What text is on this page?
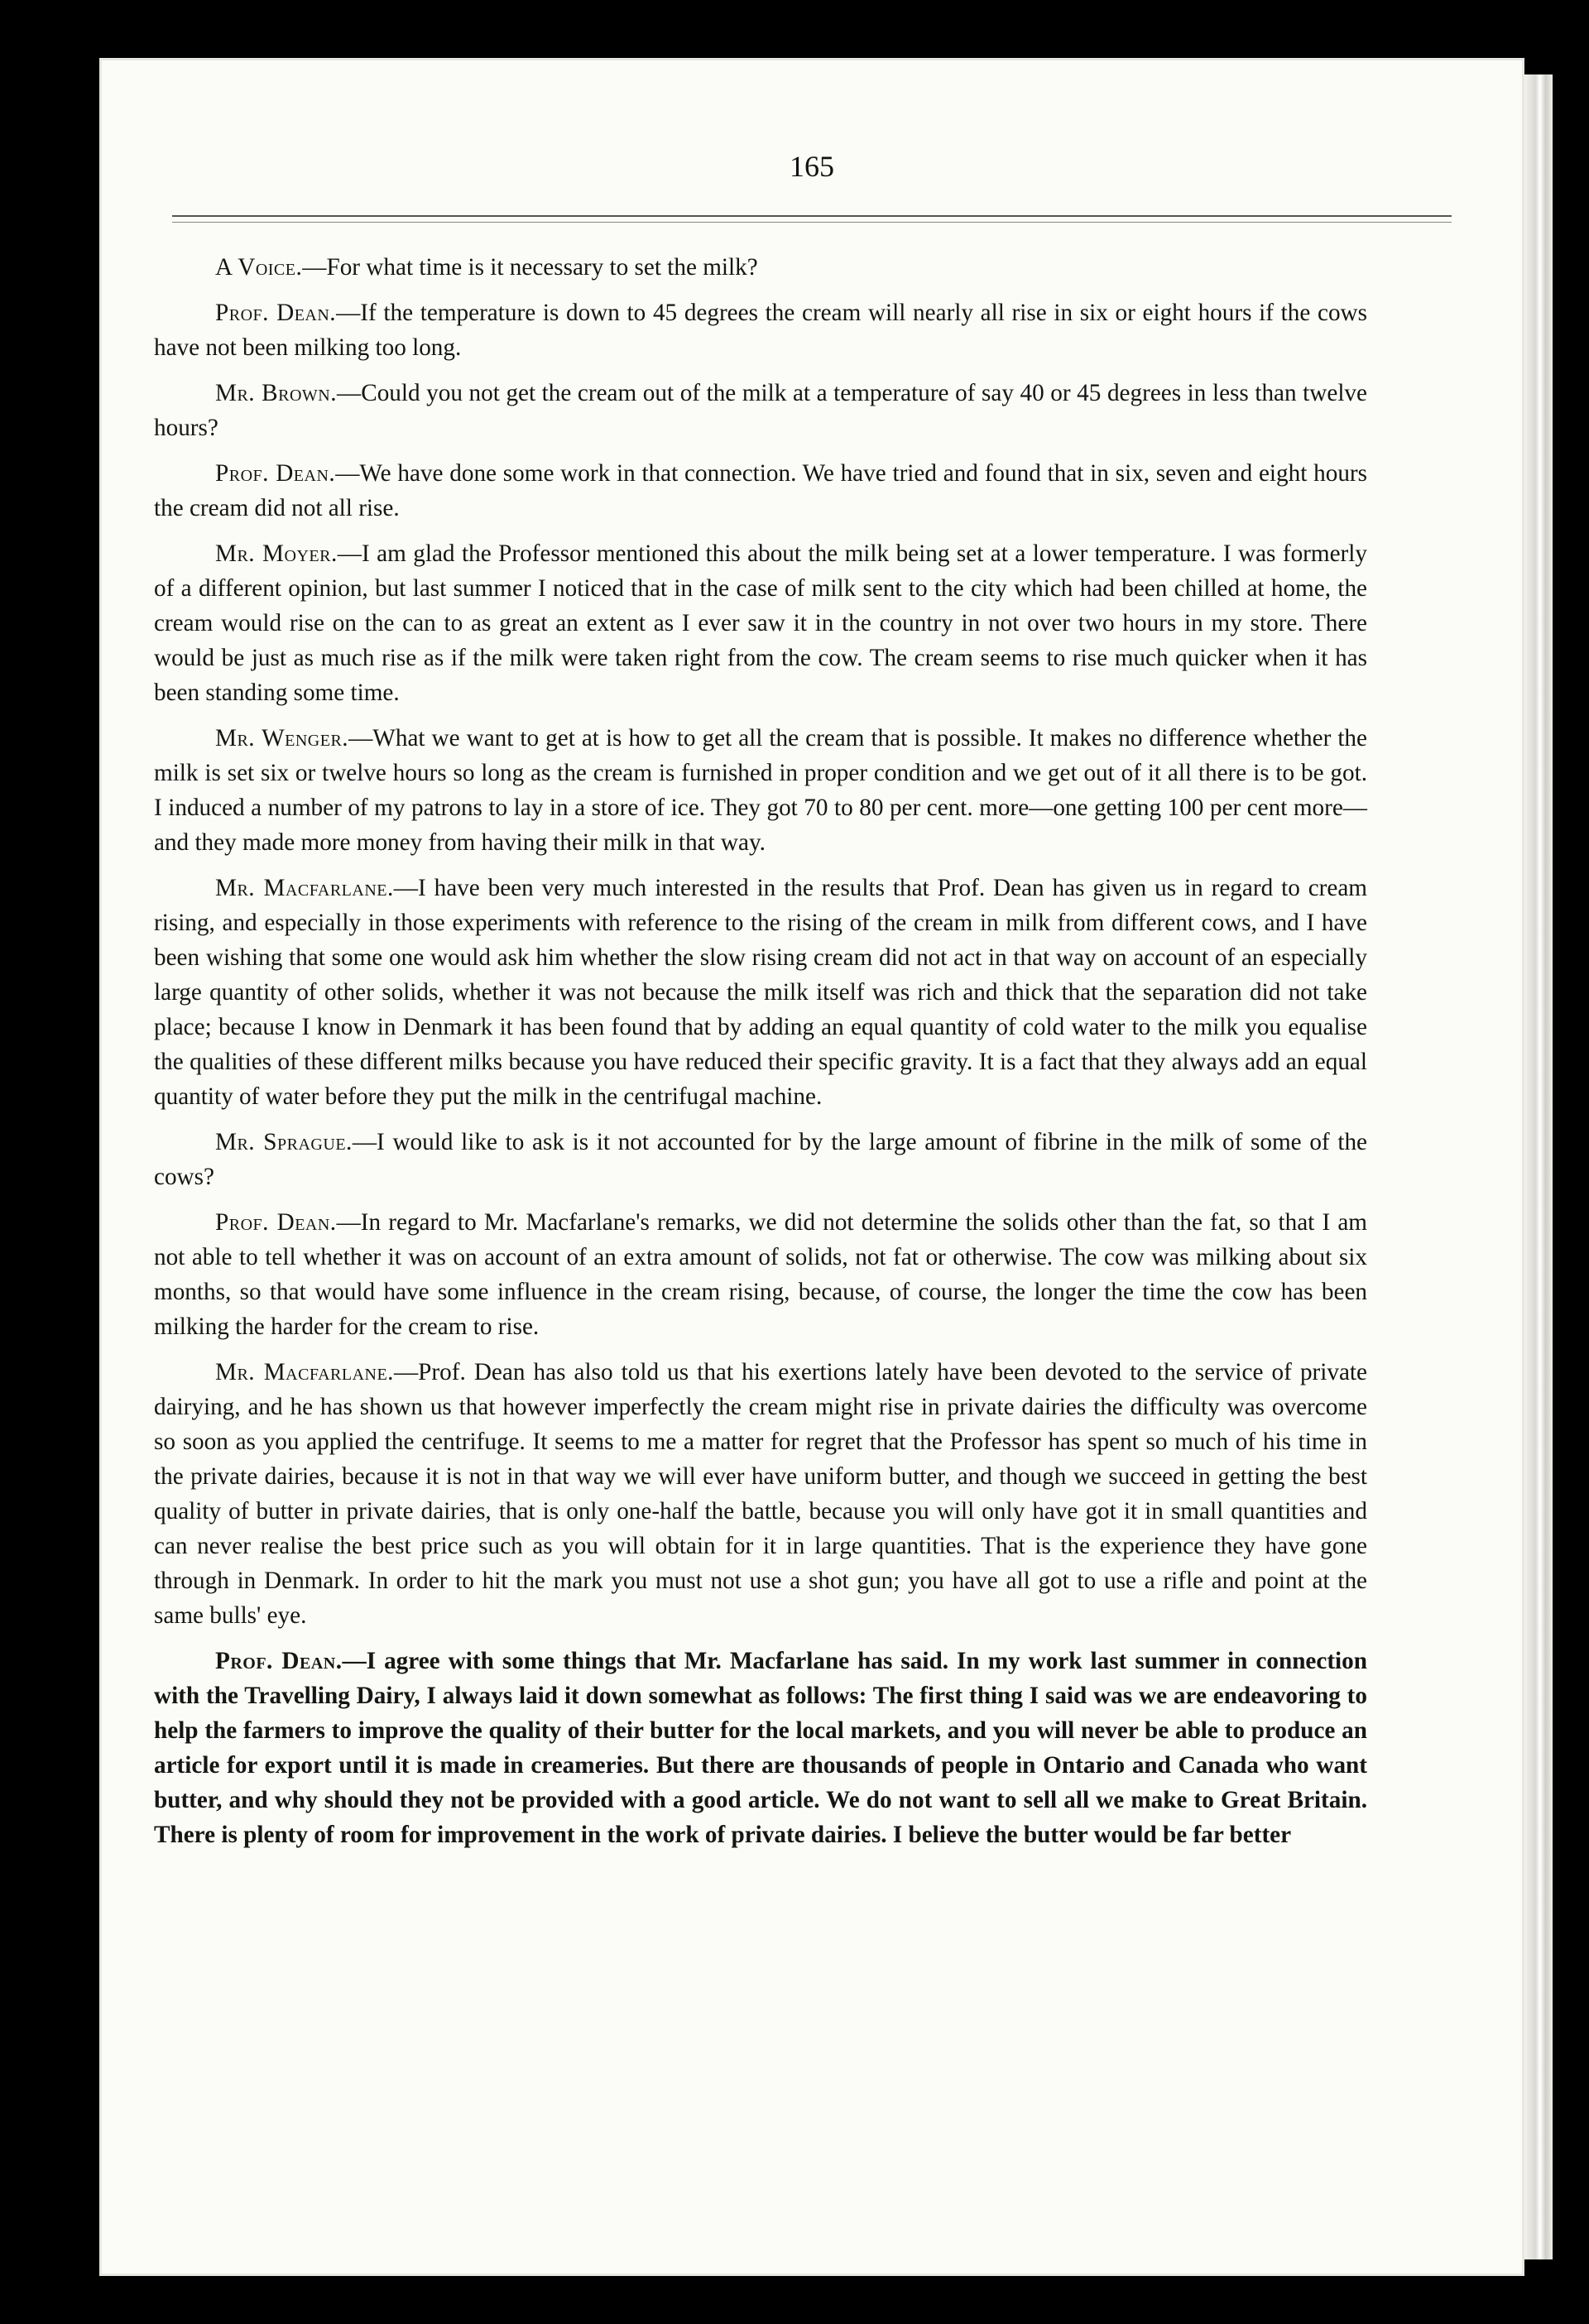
165

A Voice.—For what time is it necessary to set the milk?

Prof. Dean.—If the temperature is down to 45 degrees the cream will nearly all rise in six or eight hours if the cows have not been milking too long.

Mr. Brown.—Could you not get the cream out of the milk at a temperature of say 40 or 45 degrees in less than twelve hours?

Prof. Dean.—We have done some work in that connection. We have tried and found that in six, seven and eight hours the cream did not all rise.

Mr. Moyer.—I am glad the Professor mentioned this about the milk being set at a lower temperature. I was formerly of a different opinion, but last summer I noticed that in the case of milk sent to the city which had been chilled at home, the cream would rise on the can to as great an extent as I ever saw it in the country in not over two hours in my store. There would be just as much rise as if the milk were taken right from the cow. The cream seems to rise much quicker when it has been standing some time.

Mr. Wenger.—What we want to get at is how to get all the cream that is possible. It makes no difference whether the milk is set six or twelve hours so long as the cream is furnished in proper condition and we get out of it all there is to be got. I induced a number of my patrons to lay in a store of ice. They got 70 to 80 per cent. more—one getting 100 per cent more—and they made more money from having their milk in that way.

Mr. Macfarlane.—I have been very much interested in the results that Prof. Dean has given us in regard to cream rising, and especially in those experiments with reference to the rising of the cream in milk from different cows, and I have been wishing that some one would ask him whether the slow rising cream did not act in that way on account of an especially large quantity of other solids, whether it was not because the milk itself was rich and thick that the separation did not take place; because I know in Denmark it has been found that by adding an equal quantity of cold water to the milk you equalise the qualities of these different milks because you have reduced their specific gravity. It is a fact that they always add an equal quantity of water before they put the milk in the centrifugal machine.

Mr. Sprague.—I would like to ask is it not accounted for by the large amount of fibrine in the milk of some of the cows?

Prof. Dean.—In regard to Mr. Macfarlane's remarks, we did not determine the solids other than the fat, so that I am not able to tell whether it was on account of an extra amount of solids, not fat or otherwise. The cow was milking about six months, so that would have some influence in the cream rising, because, of course, the longer the time the cow has been milking the harder for the cream to rise.

Mr. Macfarlane.—Prof. Dean has also told us that his exertions lately have been devoted to the service of private dairying, and he has shown us that however imperfectly the cream might rise in private dairies the difficulty was overcome so soon as you applied the centrifuge. It seems to me a matter for regret that the Professor has spent so much of his time in the private dairies, because it is not in that way we will ever have uniform butter, and though we succeed in getting the best quality of butter in private dairies, that is only one-half the battle, because you will only have got it in small quantities and can never realise the best price such as you will obtain for it in large quantities. That is the experience they have gone through in Denmark. In order to hit the mark you must not use a shot gun; you have all got to use a rifle and point at the same bulls' eye.

Prof. Dean.—I agree with some things that Mr. Macfarlane has said. In my work last summer in connection with the Travelling Dairy, I always laid it down somewhat as follows: The first thing I said was we are endeavoring to help the farmers to improve the quality of their butter for the local markets, and you will never be able to produce an article for export until it is made in creameries. But there are thousands of people in Ontario and Canada who want butter, and why should they not be provided with a good article. We do not want to sell all we make to Great Britain. There is plenty of room for improvement in the work of private dairies. I believe the butter would be far better
